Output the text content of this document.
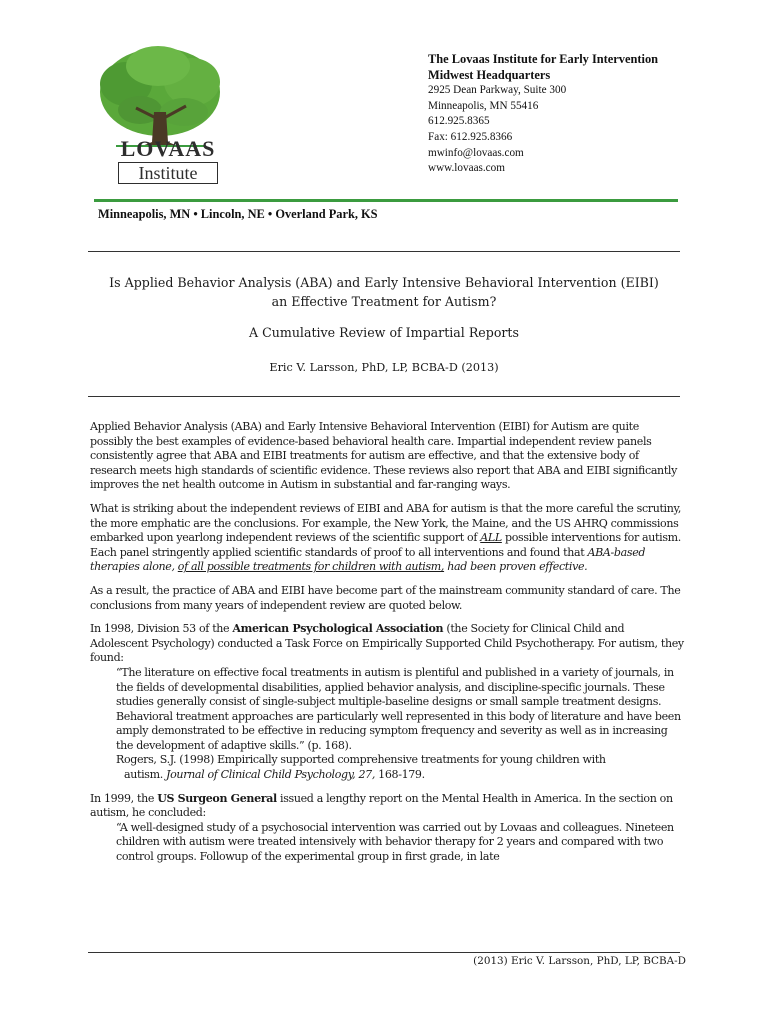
LOVAAS
Institute
The Lovaas Institute for Early Intervention
Midwest Headquarters
2925 Dean Parkway, Suite 300
Minneapolis, MN 55416
612.925.8365
Fax: 612.925.8366
mwinfo@lovaas.com
www.lovaas.com
Minneapolis, MN • Lincoln, NE • Overland Park, KS
Is Applied Behavior Analysis (ABA) and Early Intensive Behavioral Intervention (EIBI)
an Effective Treatment for Autism?
A Cumulative Review of Impartial Reports
Eric V. Larsson, PhD, LP, BCBA-D (2013)

Applied Behavior Analysis (ABA) and Early Intensive Behavioral Intervention (EIBI) for Autism are quite possibly the best examples of evidence-based behavioral health care. Impartial independent review panels consistently agree that ABA and EIBI treatments for autism are effective, and that the extensive body of research meets high standards of scientific evidence. These reviews also report that ABA and EIBI significantly improves the net health outcome in Autism in substantial and far-ranging ways.

What is striking about the independent reviews of EIBI and ABA for autism is that the more careful the scrutiny, the more emphatic are the conclusions. For example, the New York, the Maine, and the US AHRQ commissions embarked upon yearlong independent reviews of the scientific support of ALL possible interventions for autism. Each panel stringently applied scientific standards of proof to all interventions and found that ABA-based therapies alone, of all possible treatments for children with autism, had been proven effective.

As a result, the practice of ABA and EIBI have become part of the mainstream community standard of care. The conclusions from many years of independent review are quoted below.

In 1998, Division 53 of the American Psychological Association (the Society for Clinical Child and Adolescent Psychology) conducted a Task Force on Empirically Supported Child Psychotherapy. For autism, they found:

“The literature on effective focal treatments in autism is plentiful and published in a variety of journals, in the fields of developmental disabilities, applied behavior analysis, and discipline-specific journals. These studies generally consist of single-subject multiple-baseline designs or small sample treatment designs. Behavioral treatment approaches are particularly well represented in this body of literature and have been amply demonstrated to be effective in reducing symptom frequency and severity as well as in increasing the development of adaptive skills.” (p. 168).
Rogers, S.J. (1998) Empirically supported comprehensive treatments for young children with
autism. Journal of Clinical Child Psychology, 27, 168-179.

In 1999, the US Surgeon General issued a lengthy report on the Mental Health in America. In the section on autism, he concluded:

“A well-designed study of a psychosocial intervention was carried out by Lovaas and colleagues. Nineteen children with autism were treated intensively with behavior therapy for 2 years and compared with two control groups. Followup of the experimental group in first grade, in late
(2013) Eric V. Larsson, PhD, LP, BCBA-D
